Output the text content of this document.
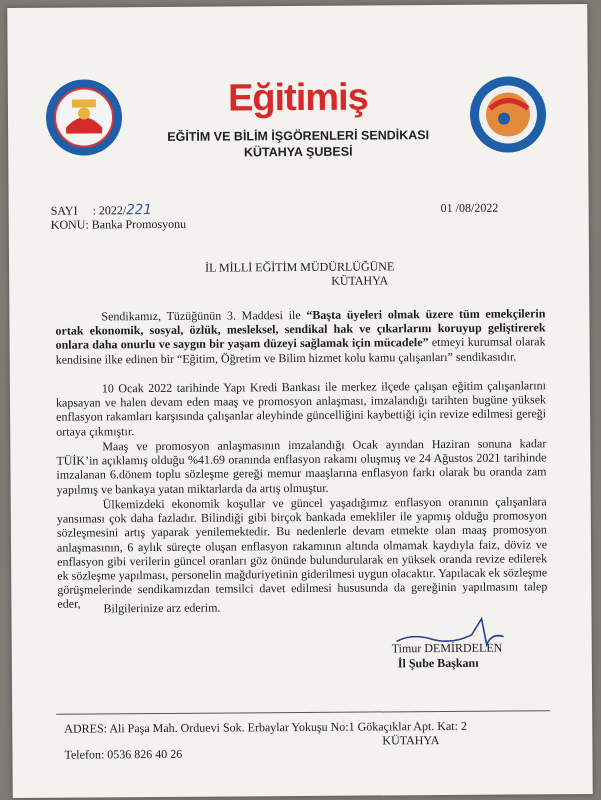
Eğitimiş
EĞİTİM VE BİLİM İŞGÖRENLERİ SENDİKASI
KÜTAHYA ŞUBESİ
SAYI : 2022/221
KONU: Banka Promosyonu
01 /08/2022
İL MİLLİ EĞİTİM MÜDÜRLÜĞÜNE
KÜTAHYA
Sendikamız, Tüzüğünün 3. Maddesi ile “Başta üyeleri olmak üzere tüm emekçilerin ortak ekonomik, sosyal, özlük, mesleksel, sendikal hak ve çıkarlarını koruyup geliştirerek onlara daha onurlu ve saygın bir yaşam düzeyi sağlamak için mücadele” etmeyi kurumsal olarak kendisine ilke edinen bir “Eğitim, Öğretim ve Bilim hizmet kolu kamu çalışanları” sendikasıdır.
10 Ocak 2022 tarihinde Yapı Kredi Bankası ile merkez ilçede çalışan eğitim çalışanlarını kapsayan ve halen devam eden maaş ve promosyon anlaşması, imzalandığı tarihten bugüne yüksek enflasyon rakamları karşısında çalışanlar aleyhinde güncelliğini kaybettiği için revize edilmesi gereği ortaya çıkmıştır.
Maaş ve promosyon anlaşmasının imzalandığı Ocak ayından Haziran sonuna kadar TÜİK’in açıklamış olduğu %41.69 oranında enflasyon rakamı oluşmuş ve 24 Ağustos 2021 tarihinde imzalanan 6.dönem toplu sözleşme gereği memur maaşlarına enflasyon farkı olarak bu oranda zam yapılmış ve bankaya yatan miktarlarda da artış olmuştur.
Ülkemizdeki ekonomik koşullar ve güncel yaşadığımız enflasyon oranının çalışanlara yansıması çok daha fazladır. Bilindiği gibi birçok bankada emekliler ile yapmış olduğu promosyon sözleşmesini artış yaparak yenilemektedir. Bu nedenlerle devam etmekte olan maaş promosyon anlaşmasının, 6 aylık süreçte oluşan enflasyon rakamının altında olmamak kaydıyla faiz, döviz ve enflasyon gibi verilerin güncel oranları göz önünde bulundurularak en yüksek oranda revize edilerek ek sözleşme yapılması, personelin mağduriyetinin giderilmesi uygun olacaktır. Yapılacak ek sözleşme görüşmelerinde sendikamızdan temsilci davet edilmesi hususunda da gereğinin yapılmasını talep eder,	Bilgilerinize arz ederim.
Timur DEMİRDELEN
İl Şube Başkanı
ADRES: Ali Paşa Mah. Orduevi Sok. Erbaylar Yokuşu No:1 Gökaçıklar Apt. Kat: 2
KÜTAHYA
Telefon: 0536 826 40 26
